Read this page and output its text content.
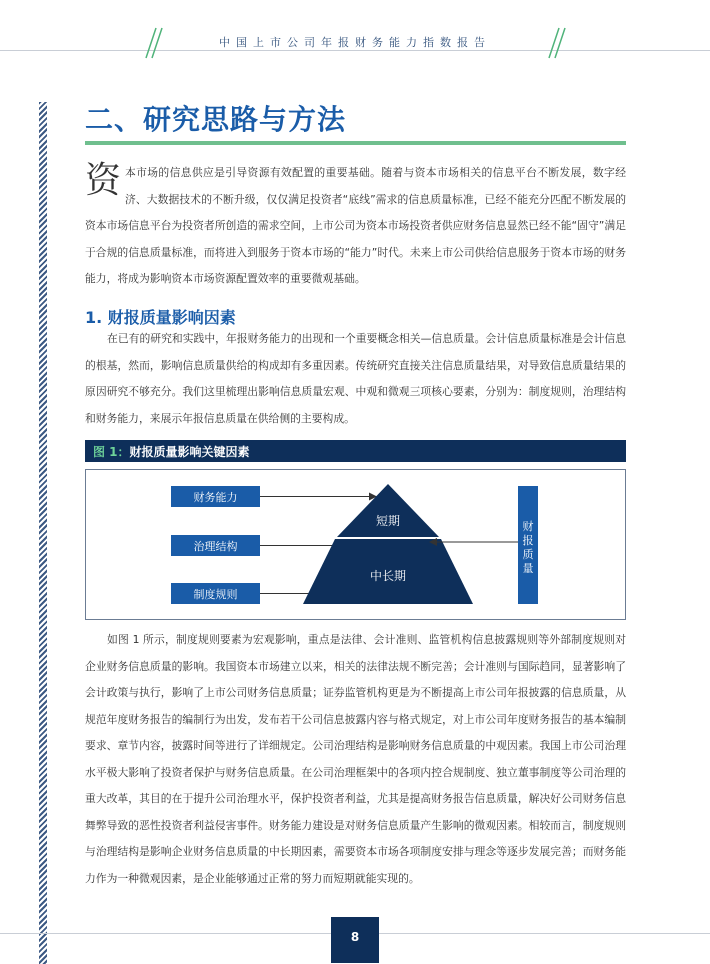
中国上市公司年报财务能力指数报告
二、研究思路与方法

资本市场的信息供应是引导资源有效配置的重要基础。随着与资本市场相关的信息平台不断发展，数字经济、大数据技术的不断升级，仅仅满足投资者“底线”需求的信息质量标准，已经不能充分匹配不断发展的资本市场信息平台为投资者所创造的需求空间，上市公司为资本市场投资者供应财务信息显然已经不能“固守”满足于合规的信息质量标准，而将进入到服务于资本市场的“能力”时代。未来上市公司供给信息服务于资本市场的财务能力，将成为影响资本市场资源配置效率的重要微观基础。

1. 财报质量影响因素

在已有的研究和实践中，年报财务能力的出现和一个重要概念相关—信息质量。会计信息质量标准是会计信息的根基，然而，影响信息质量供给的构成却有多重因素。传统研究直接关注信息质量结果，对导致信息质量结果的原因研究不够充分。我们这里梳理出影响信息质量宏观、中观和微观三项核心要素，分别为：制度规则，治理结构和财务能力，来展示年报信息质量在供给侧的主要构成。

图 1：财报质量影响关键因素
财务能力
治理结构
制度规则
短期
中长期
财
报
质
量

如图 1 所示，制度规则要素为宏观影响，重点是法律、会计准则、监管机构信息披露规则等外部制度规则对企业财务信息质量的影响。我国资本市场建立以来，相关的法律法规不断完善；会计准则与国际趋同，显著影响了会计政策与执行，影响了上市公司财务信息质量；证券监管机构更是为不断提高上市公司年报披露的信息质量，从规范年度财务报告的编制行为出发，发布若干公司信息披露内容与格式规定，对上市公司年度财务报告的基本编制要求、章节内容，披露时间等进行了详细规定。公司治理结构是影响财务信息质量的中观因素。我国上市公司治理水平极大影响了投资者保护与财务信息质量。在公司治理框架中的各项内控合规制度、独立董事制度等公司治理的重大改革，其目的在于提升公司治理水平，保护投资者利益，尤其是提高财务报告信息质量，解决好公司财务信息舞弊导致的恶性投资者利益侵害事件。财务能力建设是对财务信息质量产生影响的微观因素。相较而言，制度规则与治理结构是影响企业财务信息质量的中长期因素，需要资本市场各项制度安排与理念等逐步发展完善；而财务能力作为一种微观因素，是企业能够通过正常的努力而短期就能实现的。

8
